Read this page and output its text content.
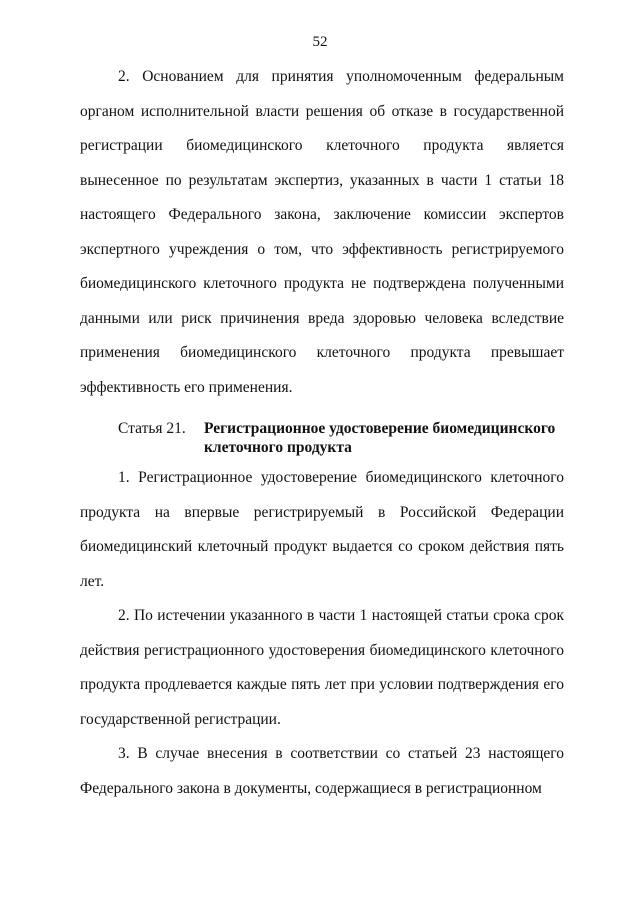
52

2. Основанием для принятия уполномоченным федеральным органом исполнительной власти решения об отказе в государственной регистрации биомедицинского клеточного продукта является вынесенное по результатам экспертиз, указанных в части 1 статьи 18 настоящего Федерального закона, заключение комиссии экспертов экспертного учреждения о том, что эффективность регистрируемого биомедицинского клеточного продукта не подтверждена полученными данными или риск причинения вреда здоровью человека вследствие применения биомедицинского клеточного продукта превышает эффективность его применения.

Статья 21.	Регистрационное удостоверение биомедицинского клеточного продукта

1. Регистрационное удостоверение биомедицинского клеточного продукта на впервые регистрируемый в Российской Федерации биомедицинский клеточный продукт выдается со сроком действия пять лет.

2. По истечении указанного в части 1 настоящей статьи срока срок действия регистрационного удостоверения биомедицинского клеточного продукта продлевается каждые пять лет при условии подтверждения его государственной регистрации.

3. В случае внесения в соответствии со статьей 23 настоящего Федерального закона в документы, содержащиеся в регистрационном
